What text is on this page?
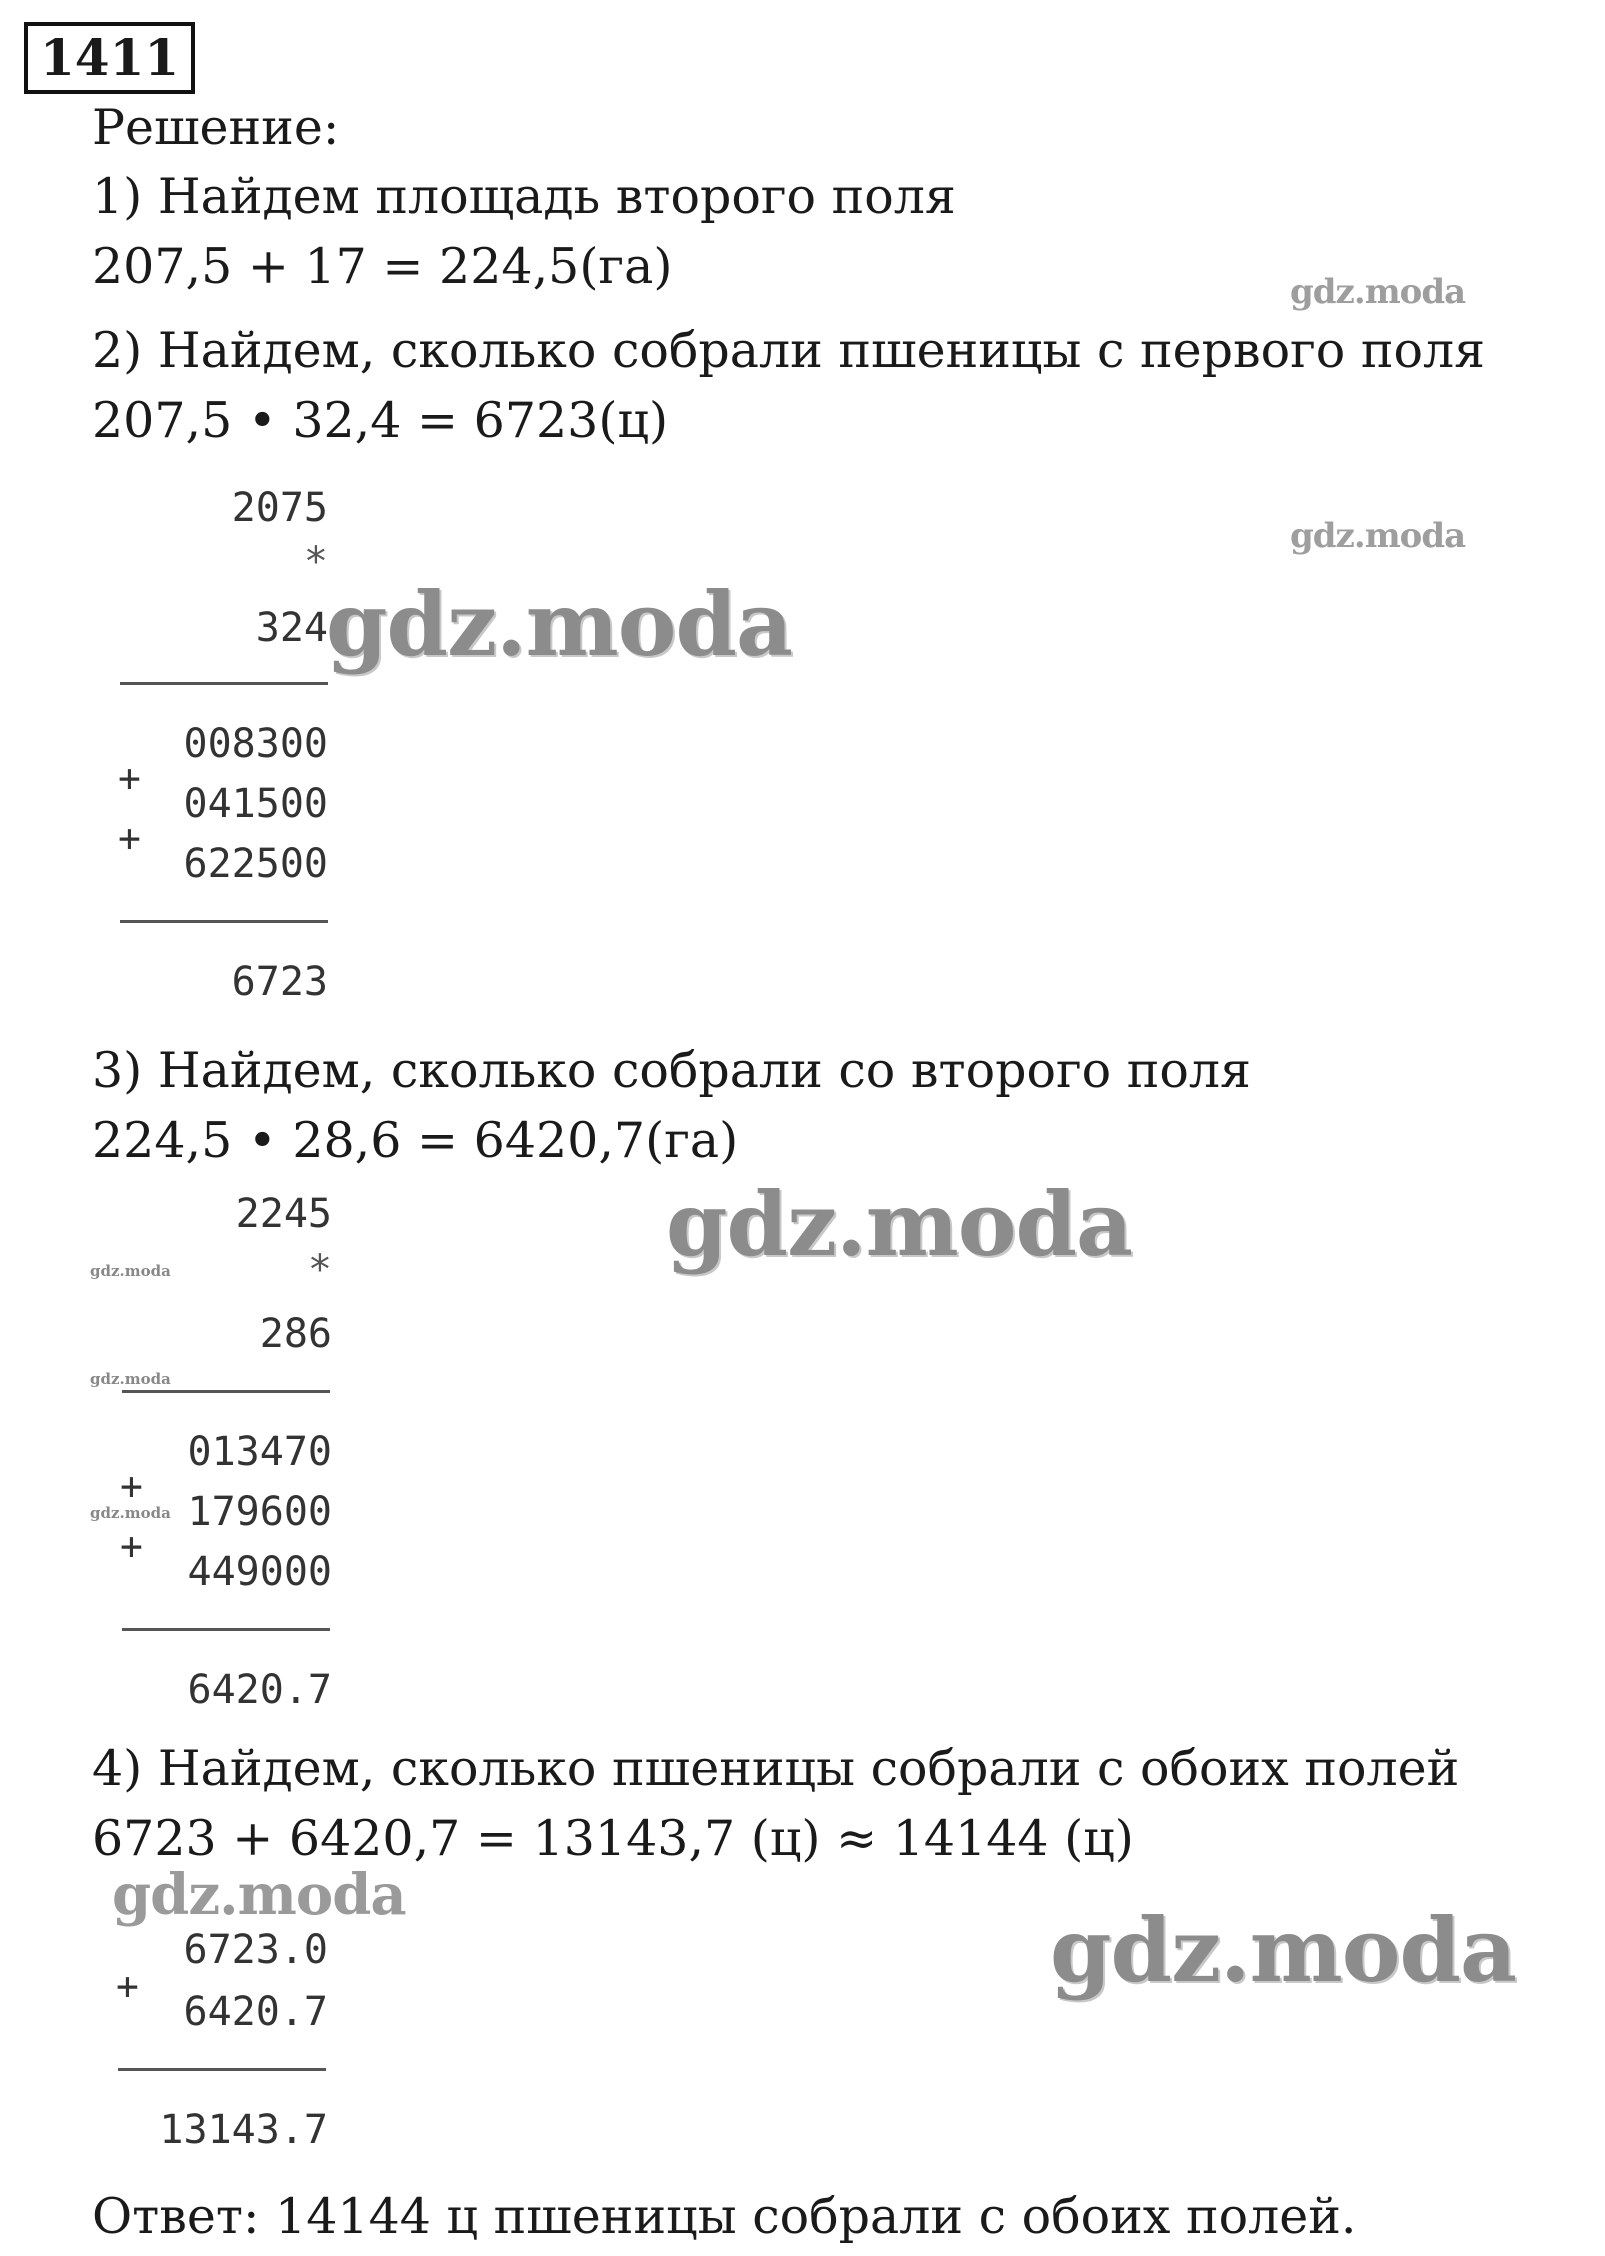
1411
Решение:
1) Найдем площадь второго поля
207,5 + 17 = 224,5(га)
2) Найдем, сколько собрали пшеницы с первого поля
207,5 • 32,4 = 6723(ц)
2075
*
324
008300
+
041500
+
622500
6723
3) Найдем, сколько собрали со второго поля
224,5 • 28,6 = 6420,7(га)
2245
*
286
013470
+
179600
+
449000
6420.7
4) Найдем, сколько пшеницы собрали с обоих полей
6723 + 6420,7 = 13143,7 (ц) ≈ 14144 (ц)
6723.0
+
6420.7
13143.7
Ответ: 14144 ц пшеницы собрали с обоих полей.
gdz.moda
gdz.moda
gdz.moda
gdz.moda
gdz.moda
gdz.moda
gdz.moda
gdz.moda
gdz.moda
